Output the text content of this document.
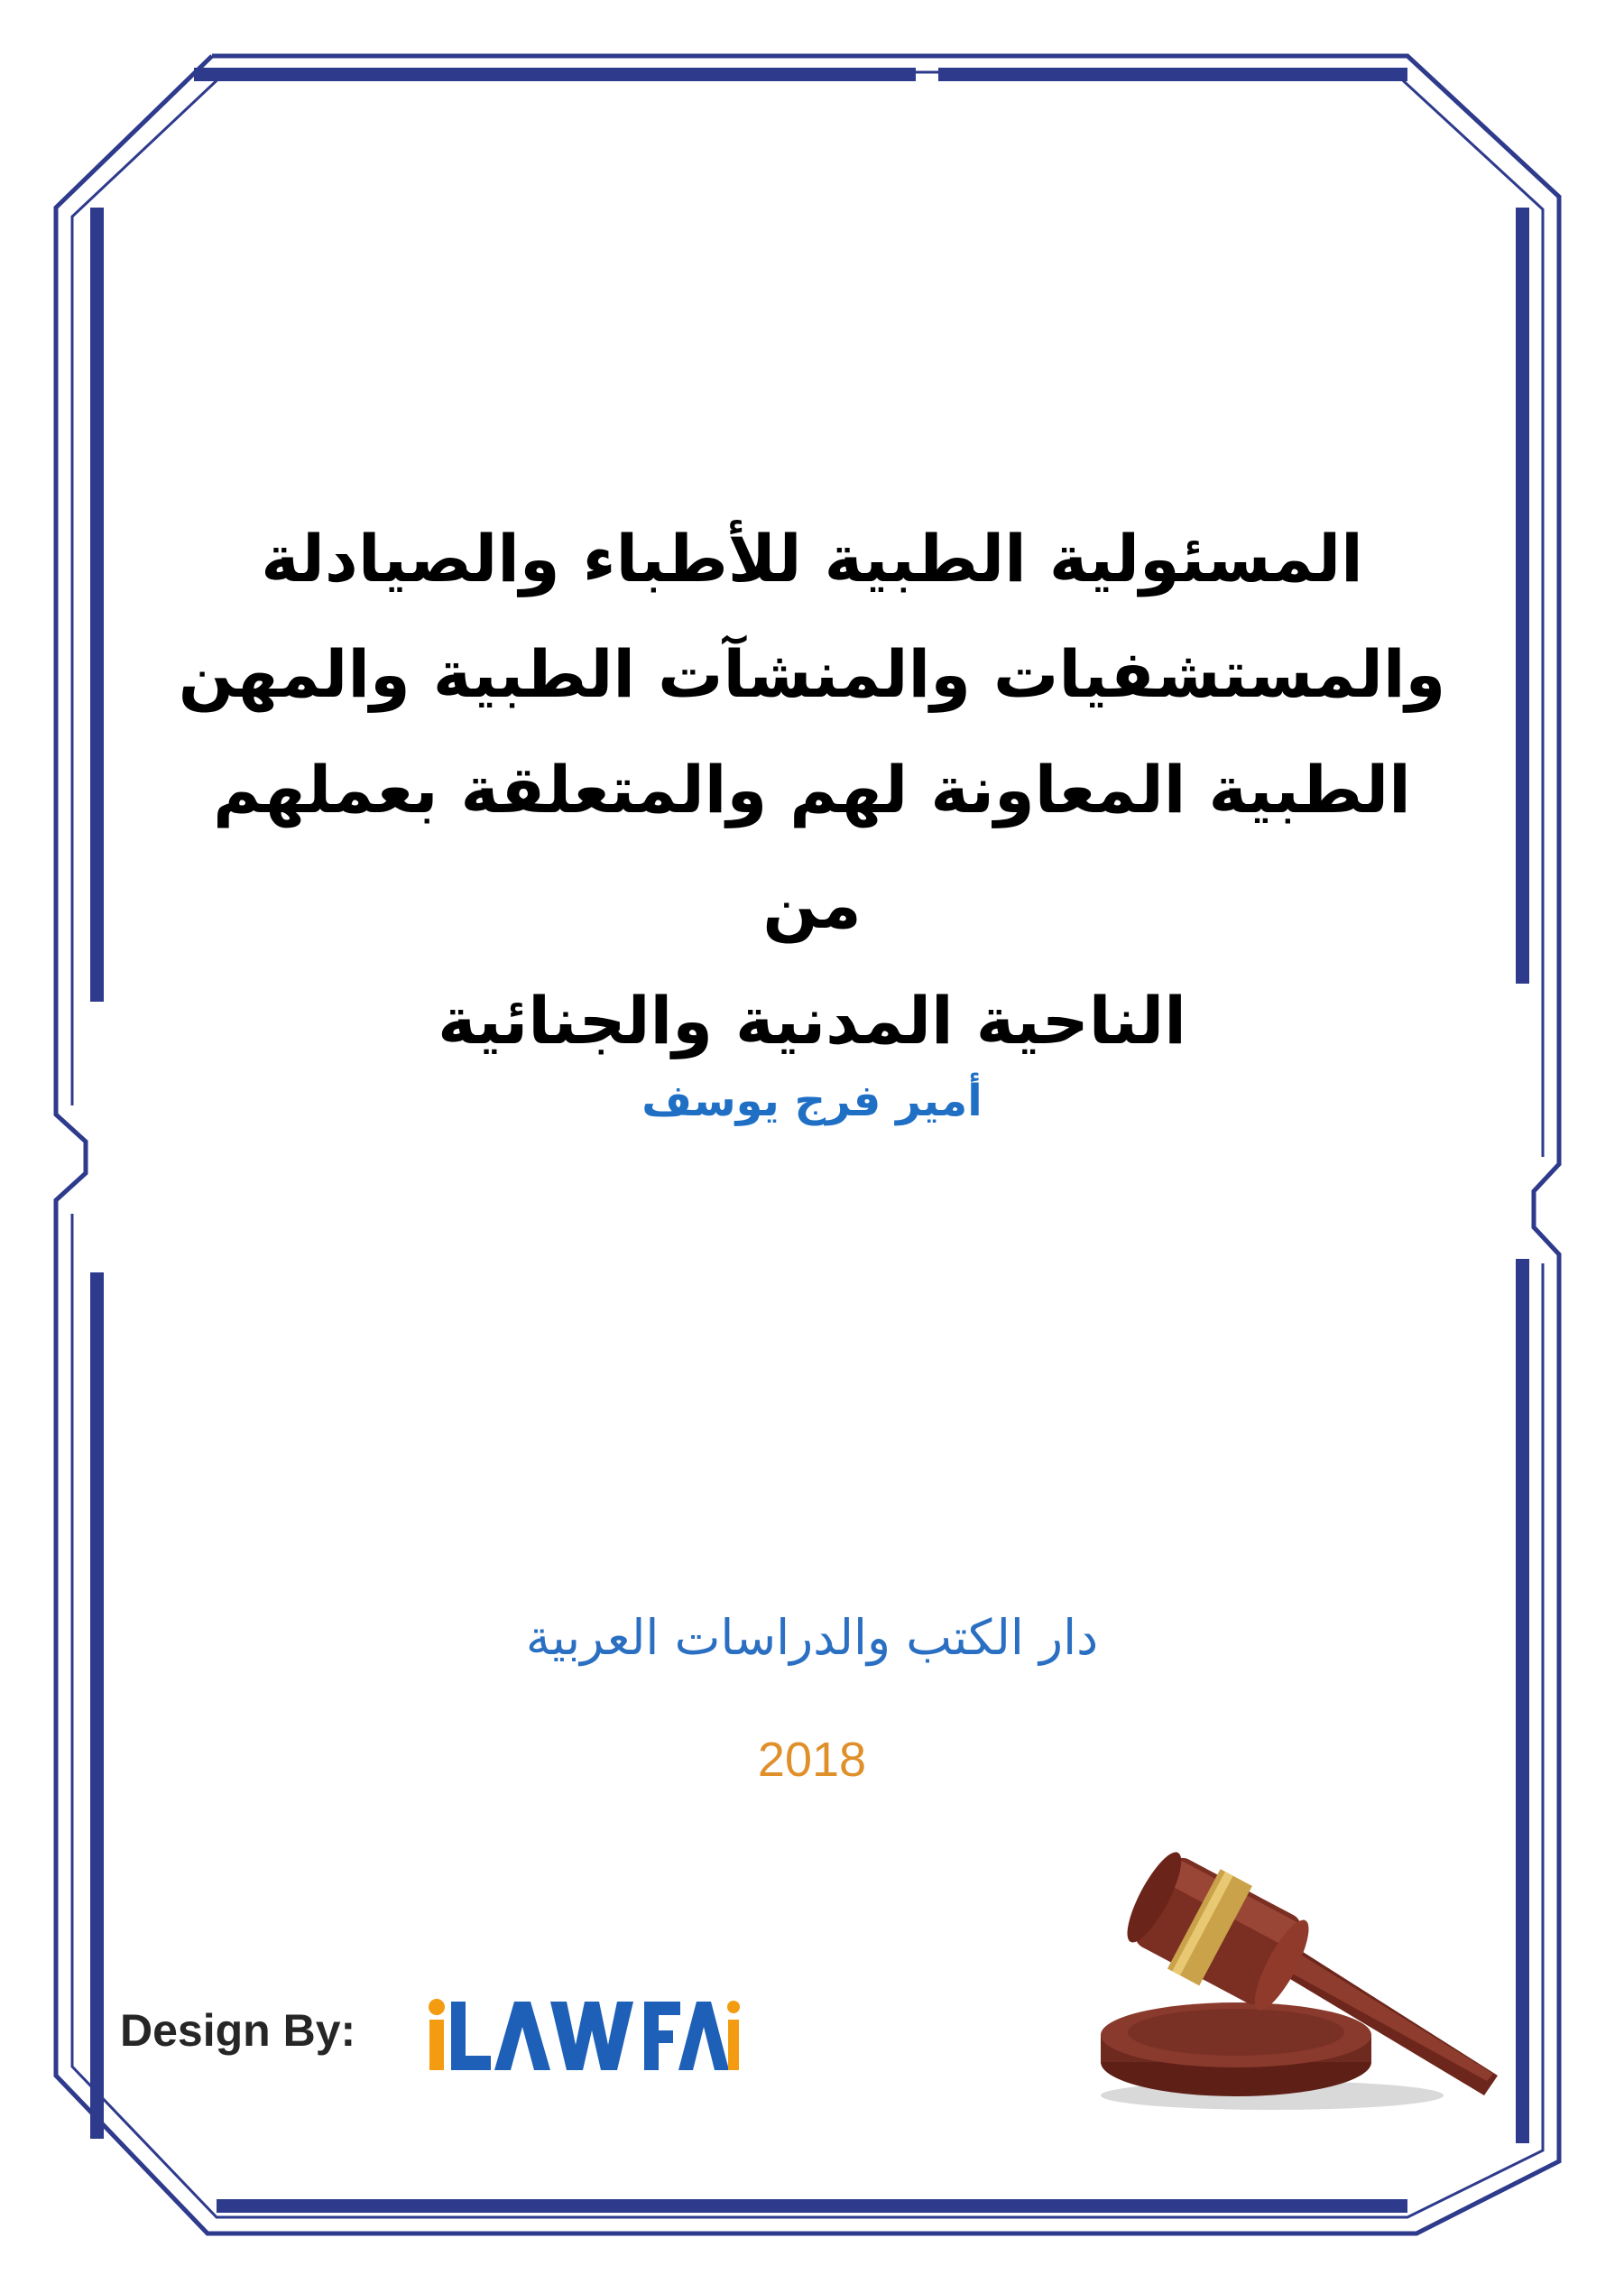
المسئولية الطبية للأطباء والصيادلة
والمستشفيات والمنشآت الطبية والمهن
الطبية المعاونة لهم والمتعلقة بعملهم من
الناحية المدنية والجنائية
أمير فرج يوسف
دار الكتب والدراسات العربية
2018
Design By:
